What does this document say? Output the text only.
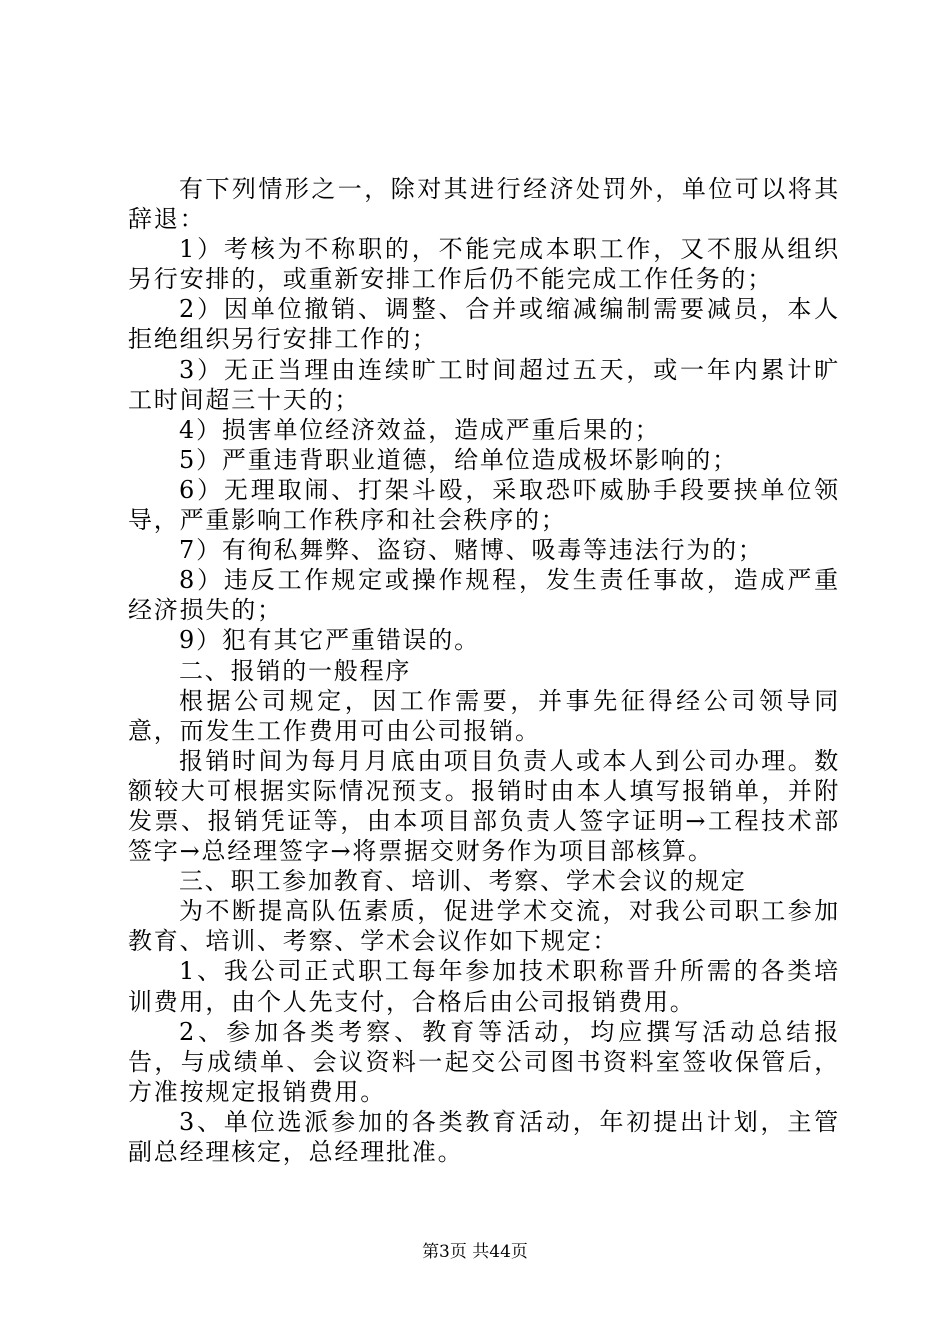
有下列情形之一，除对其进行经济处罚外，单位可以将其辞退：

1）考核为不称职的，不能完成本职工作，又不服从组织另行安排的，或重新安排工作后仍不能完成工作任务的；

2）因单位撤销、调整、合并或缩减编制需要减员，本人拒绝组织另行安排工作的；

3）无正当理由连续旷工时间超过五天，或一年内累计旷工时间超三十天的；

4）损害单位经济效益，造成严重后果的；

5）严重违背职业道德，给单位造成极坏影响的；

6）无理取闹、打架斗殴，采取恐吓威胁手段要挟单位领导，严重影响工作秩序和社会秩序的；

7）有徇私舞弊、盗窃、赌博、吸毒等违法行为的；

8）违反工作规定或操作规程，发生责任事故，造成严重经济损失的；

9）犯有其它严重错误的。

二、报销的一般程序

根据公司规定，因工作需要，并事先征得经公司领导同意，而发生工作费用可由公司报销。

报销时间为每月月底由项目负责人或本人到公司办理。数额较大可根据实际情况预支。报销时由本人填写报销单，并附发票、报销凭证等，由本项目部负责人签字证明→工程技术部签字→总经理签字→将票据交财务作为项目部核算。

三、职工参加教育、培训、考察、学术会议的规定

为不断提高队伍素质，促进学术交流，对我公司职工参加教育、培训、考察、学术会议作如下规定：

1、我公司正式职工每年参加技术职称晋升所需的各类培训费用，由个人先支付，合格后由公司报销费用。

2、参加各类考察、教育等活动，均应撰写活动总结报告，与成绩单、会议资料一起交公司图书资料室签收保管后，方准按规定报销费用。

3、单位选派参加的各类教育活动，年初提出计划，主管副总经理核定，总经理批准。

第3页 共44页
